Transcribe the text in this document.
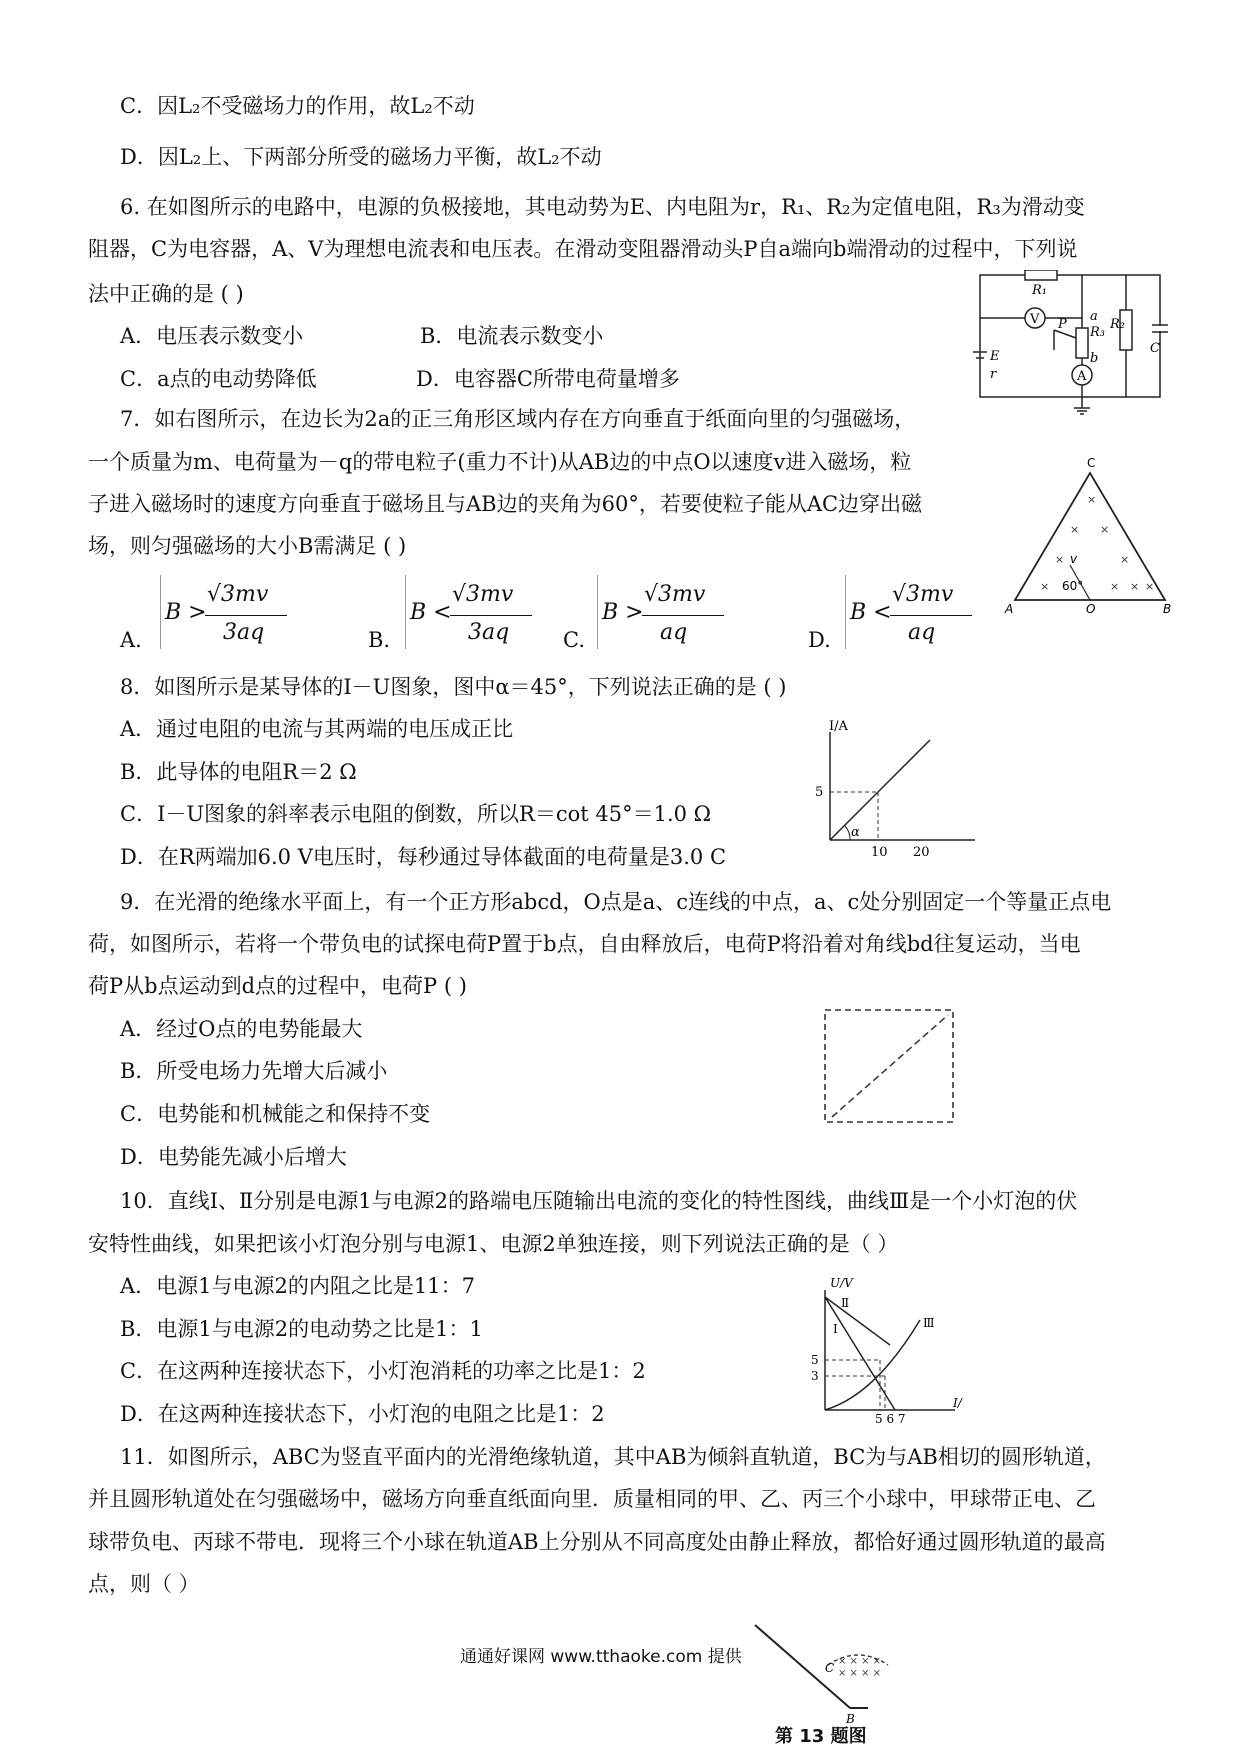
C．因L₂不受磁场力的作用，故L₂不动
D．因L₂上、下两部分所受的磁场力平衡，故L₂不动
6. 在如图所示的电路中，电源的负极接地，其电动势为E、内电阻为r，R₁、R₂为定值电阻，R₃为滑动变
阻器，C为电容器，A、V为理想电流表和电压表。在滑动变阻器滑动头P自a端向b端滑动的过程中，下列说
法中正确的是 ( )
A．电压表示数变小	B．电流表示数变小
C．a点的电动势降低	D．电容器C所带电荷量增多
R₁
V P
a
R₃
b
A
R₂
C
E
r
7．如右图所示，在边长为2a的正三角形区域内存在方向垂直于纸面向里的匀强磁场，
一个质量为m、电荷量为－q的带电粒子(重力不计)从AB边的中点O以速度v进入磁场，粒
子进入磁场时的速度方向垂直于磁场且与AB边的夹角为60°，若要使粒子能从AC边穿出磁
场，则匀强磁场的大小B需满足 ( )
×
× ×
×	×
×	× × ×
C
A	B
O
v
60°
A.
B >
√3mv
3aq	B.
B <
√3mv
3aq	C.
B >
√3mv
aq	D.
B <
√3mv
aq
8．如图所示是某导体的I－U图象，图中α＝45°，下列说法正确的是 ( )
A．通过电阻的电流与其两端的电压成正比
B．此导体的电阻R＝2 Ω
C．I－U图象的斜率表示电阻的倒数，所以R＝cot 45°＝1.0 Ω
D．在R两端加6.0 V电压时，每秒通过导体截面的电荷量是3.0 C
I/A
5
10 20
α
9．在光滑的绝缘水平面上，有一个正方形abcd，O点是a、c连线的中点，a、c处分别固定一个等量正点电
荷，如图所示，若将一个带负电的试探电荷P置于b点，自由释放后，电荷P将沿着对角线bd往复运动，当电
荷P从b点运动到d点的过程中，电荷P ( )
A．经过O点的电势能最大
B．所受电场力先增大后减小
C．电势能和机械能之和保持不变
D．电势能先减小后增大
10．直线Ⅰ、Ⅱ分别是电源1与电源2的路端电压随输出电流的变化的特性图线，曲线Ⅲ是一个小灯泡的伏
安特性曲线，如果把该小灯泡分别与电源1、电源2单独连接，则下列说法正确的是（ ）
A．电源1与电源2的内阻之比是11：7
B．电源1与电源2的电动势之比是1：1
C．在这两种连接状态下，小灯泡消耗的功率之比是1：2
D．在这两种连接状态下，小灯泡的电阻之比是1：2
U/V
Ⅱ
Ⅰ	Ⅲ
5
3
5 6 7
I/
11．如图所示，ABC为竖直平面内的光滑绝缘轨道，其中AB为倾斜直轨道，BC为与AB相切的圆形轨道，
并且圆形轨道处在匀强磁场中，磁场方向垂直纸面向里．质量相同的甲、乙、丙三个小球中，甲球带正电、乙
球带负电、丙球不带电．现将三个小球在轨道AB上分别从不同高度处由静止释放，都恰好通过圆形轨道的最高
点，则（ ）
通通好课网 www.tthaoke.com 提供	× × × ×
× × × ×
C
B
第 13 题图
